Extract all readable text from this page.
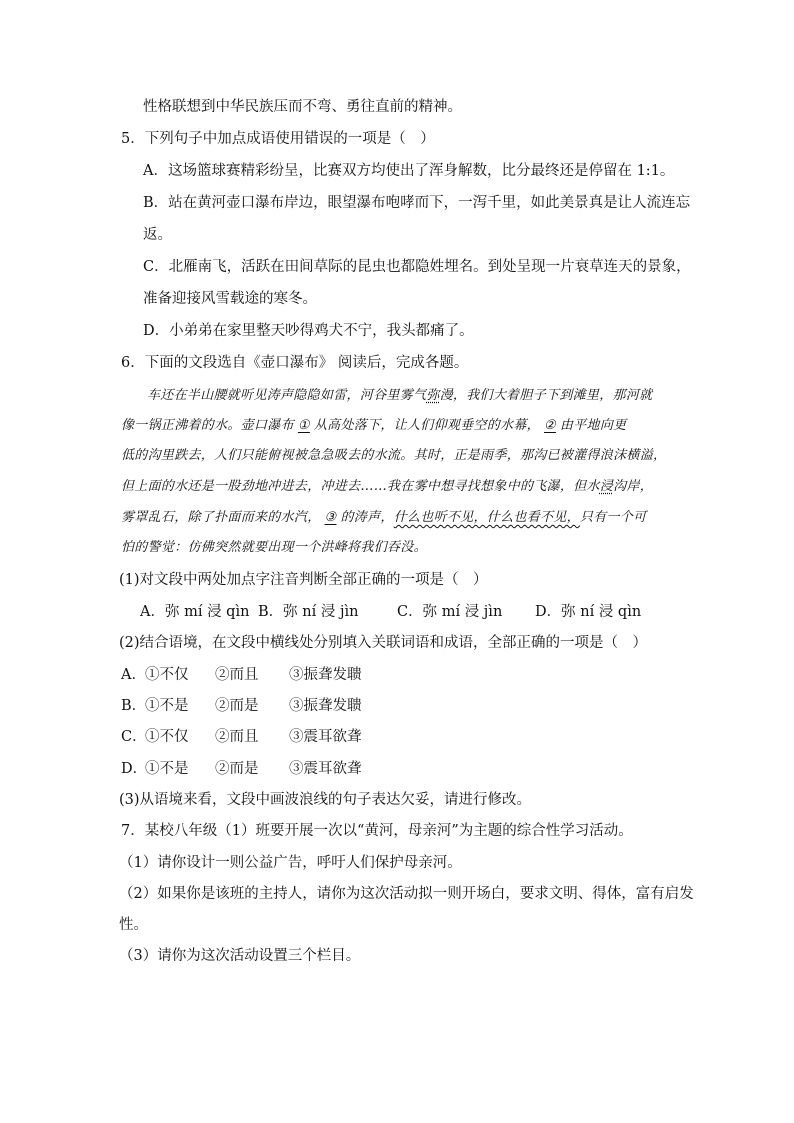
性格联想到中华民族压而不弯、勇往直前的精神。
5．下列句子中加点成语使用错误的一项是（　）
A．这场篮球赛精彩纷呈，比赛双方均使出了浑身解数，比分最终还是停留在 1:1。
B．站在黄河壶口瀑布岸边，眼望瀑布咆哮而下，一泻千里，如此美景真是让人流连忘
返。
C．北雁南飞，活跃在田间草际的昆虫也都隐姓埋名。到处呈现一片衰草连天的景象，
准备迎接风雪载途的寒冬。
D．小弟弟在家里整天吵得鸡犬不宁，我头都痛了。
6．下面的文段选自《壶口瀑布》 阅读后，完成各题。
车还在半山腰就听见涛声隐隐如雷，河谷里雾气弥漫，我们大着胆子下到滩里，那河就
像一锅正沸着的水。壶口瀑布 ① 从高处落下，让人们仰观垂空的水幕， ② 由平地向更
低的沟里跌去，人们只能俯视被急急吸去的水流。其时，正是雨季，那沟已被灌得浪沫横溢，
但上面的水还是一股劲地冲进去，冲进去……我在雾中想寻找想象中的飞瀑，但水浸沟岸，
雾罩乱石，除了扑面而来的水汽， ③ 的涛声，什么也听不见，什么也看不见，只有一个可
怕的警觉：仿佛突然就要出现一个洪峰将我们吞没。
(1)对文段中两处加点字注音判断全部正确的一项是（　）
A．弥 mí 浸 qìn B．弥 ní 浸 jìn	C．弥 mí 浸 jìn D．弥 ní 浸 qìn
(2)结合语境，在文段中横线处分别填入关联词语和成语，全部正确的一项是（　）
A．①不仅 ②而且 ③振聋发聩
B．①不是 ②而是 ③振聋发聩
C．①不仅 ②而且 ③震耳欲聋
D．①不是 ②而是 ③震耳欲聋
(3)从语境来看，文段中画波浪线的句子表达欠妥，请进行修改。
7．某校八年级（1）班要开展一次以“黄河，母亲河”为主题的综合性学习活动。
（1）请你设计一则公益广告，呼吁人们保护母亲河。
（2）如果你是该班的主持人，请你为这次活动拟一则开场白，要求文明、得体，富有启发
性。
（3）请你为这次活动设置三个栏目。
